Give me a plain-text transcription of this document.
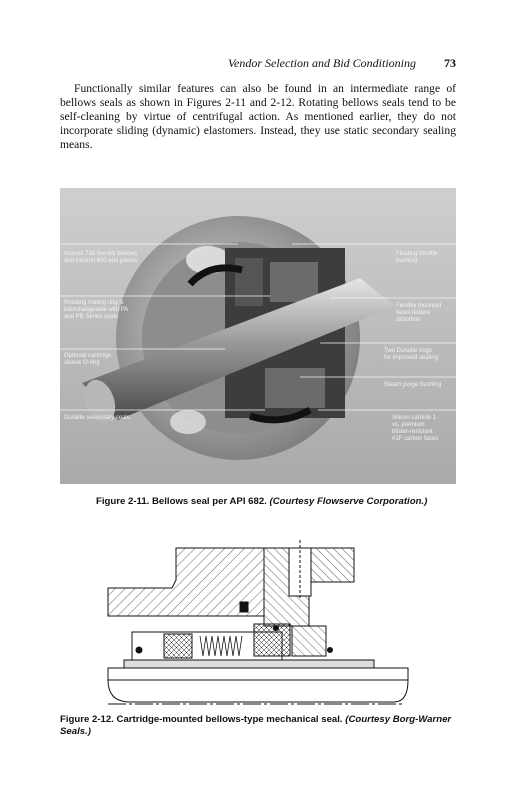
Vendor Selection and Bid Conditioning 73

Functionally similar features can also be found in an intermediate range of bellows seals as shown in Figures 2-11 and 2-12. Rotating bellows seals tend to be self-cleaning by virtue of centrifugal action. As mentioned earlier, they do not incorporate sliding (dynamic) elastomers. Instead, they use static secondary sealing means.

Inconel 718 two-ply bellows and Inconel 600 end pieces
Rotating mating ring is interchangeable with PA and PB Series seals
Optional cartridge sleeve O-ring
Duralite secondary seals
Floating throttle bushing
Flexibly mounted faces reduce distortion
Two Duralite rings for improved sealing
Steam purge bushing
Silicon carbide 1 vs. premium blister-resistant #1F carbon faces
Figure 2-11. Bellows seal per API 682. (Courtesy Flowserve Corporation.)
Figure 2-12. Cartridge-mounted bellows-type mechanical seal. (Courtesy Borg-Warner Seals.)
